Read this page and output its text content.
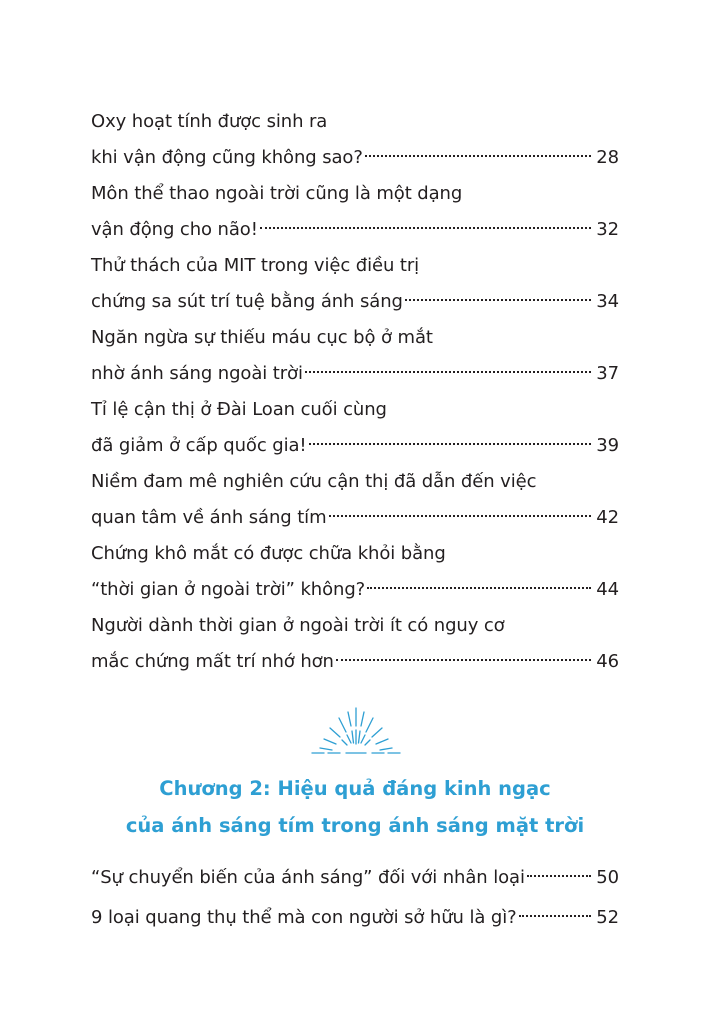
Oxy hoạt tính được sinh ra
khi vận động cũng không sao?	28
Môn thể thao ngoài trời cũng là một dạng
vận động cho não!	32
Thử thách của MIT trong việc điều trị
chứng sa sút trí tuệ bằng ánh sáng	34
Ngăn ngừa sự thiếu máu cục bộ ở mắt
nhờ ánh sáng ngoài trời	37
Tỉ lệ cận thị ở Đài Loan cuối cùng
đã giảm ở cấp quốc gia!	39
Niềm đam mê nghiên cứu cận thị đã dẫn đến việc
quan tâm về ánh sáng tím	42
Chứng khô mắt có được chữa khỏi bằng
“thời gian ở ngoài trời” không?	44
Người dành thời gian ở ngoài trời ít có nguy cơ
mắc chứng mất trí nhớ hơn	46
“Sự chuyển biến của ánh sáng” đối với nhân loại	50
9 loại quang thụ thể mà con người sở hữu là gì?	52
Chương 2: Hiệu quả đáng kinh ngạc
của ánh sáng tím trong ánh sáng mặt trời
